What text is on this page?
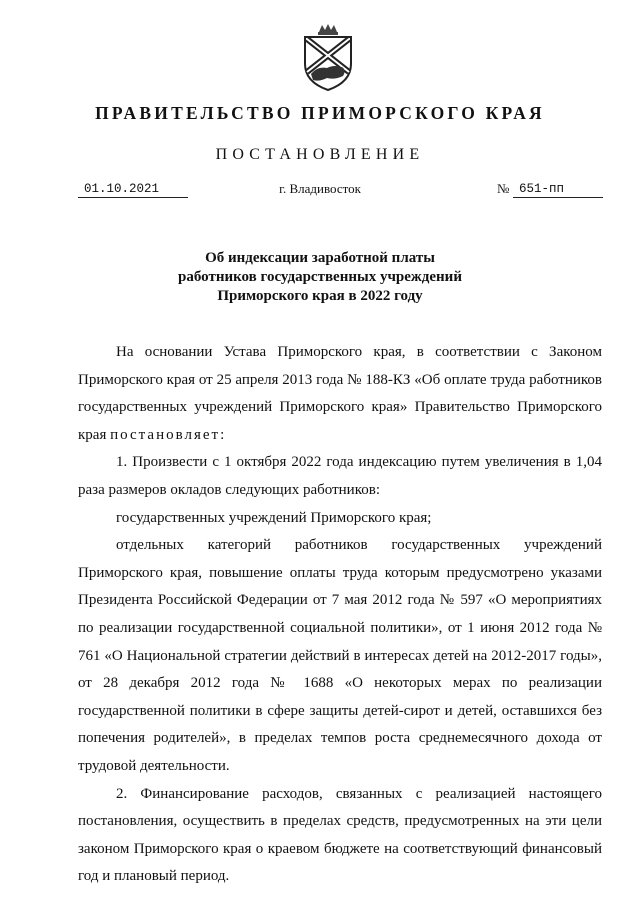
ПРАВИТЕЛЬСТВО ПРИМОРСКОГО КРАЯ
ПОСТАНОВЛЕНИЕ
01.10.2021	г. Владивосток	№ 651-пп
Об индексации заработной платы
работников государственных учреждений
Приморского края в 2022 году

На основании Устава Приморского края, в соответствии с Законом Приморского края от 25 апреля 2013 года № 188-КЗ «Об оплате труда работников государственных учреждений Приморского края» Правительство Приморского края постановляет:

1. Произвести с 1 октября 2022 года индексацию путем увеличения в 1,04 раза размеров окладов следующих работников:

государственных учреждений Приморского края;

отдельных категорий работников государственных учреждений Приморского края, повышение оплаты труда которым предусмотрено указами Президента Российской Федерации от 7 мая 2012 года № 597 «О мероприятиях по реализации государственной социальной политики», от 1 июня 2012 года № 761 «О Национальной стратегии действий в интересах детей на 2012-2017 годы», от 28 декабря 2012 года № 1688 «О некоторых мерах по реализации государственной политики в сфере защиты детей-сирот и детей, оставшихся без попечения родителей», в пределах темпов роста среднемесячного дохода от трудовой деятельности.

2. Финансирование расходов, связанных с реализацией настоящего постановления, осуществить в пределах средств, предусмотренных на эти цели законом Приморского края о краевом бюджете на соответствующий финансовый год и плановый период.
